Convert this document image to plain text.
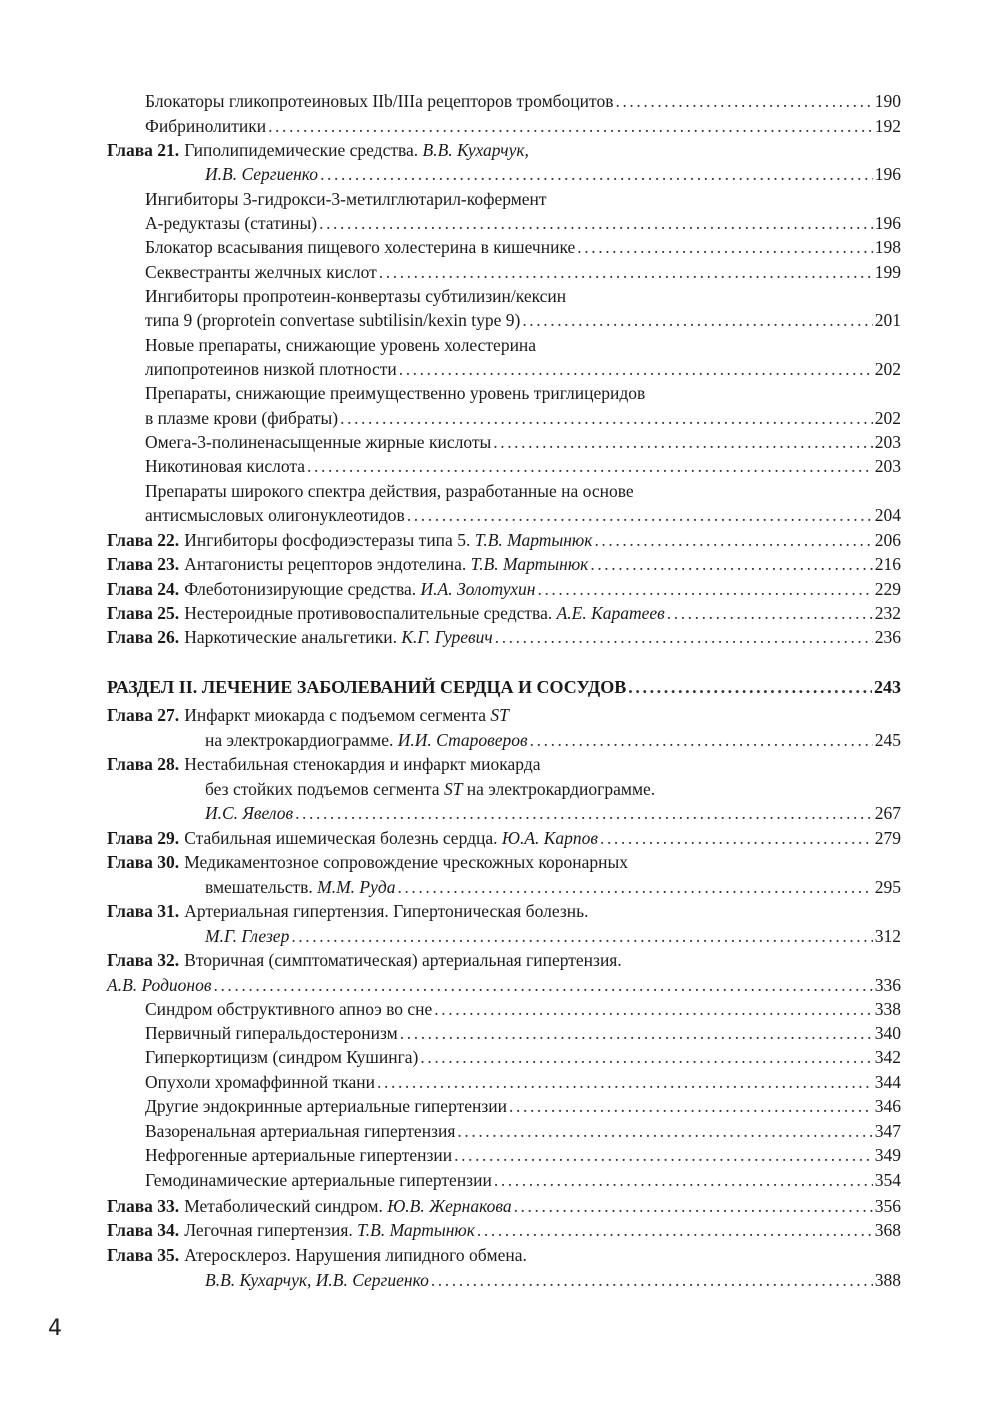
Блокаторы гликопротеиновых IIb/IIIa рецепторов тромбоцитов .....	190
Фибринолитики .....	192
Глава 21. Гиполипидемические средства. В.В. Кухарчук,
И.В. Сергиенко .....	196
Ингибиторы 3-гидрокси-3-метилглютарил-кофермент
А-редуктазы (статины) .....	196
Блокатор всасывания пищевого холестерина в кишечнике .....	198
Секвестранты желчных кислот .....	199
Ингибиторы пропротеин-конвертазы субтилизин/кексин
типа 9 (proprotein convertase subtilisin/kexin type 9) .....	201
Новые препараты, снижающие уровень холестерина
липопротеинов низкой плотности .....	202
Препараты, снижающие преимущественно уровень триглицеридов
в плазме крови (фибраты) .....	202
Омега-3-полиненасыщенные жирные кислоты .....	203
Никотиновая кислота .....	203
Препараты широкого спектра действия, разработанные на основе
антисмысловых олигонуклеотидов .....	204
Глава 22. Ингибиторы фосфодиэстеразы типа 5. Т.В. Мартынюк .....	206
Глава 23. Антагонисты рецепторов эндотелина. Т.В. Мартынюк .....	216
Глава 24. Флеботонизирующие средства. И.А. Золотухин .....	229
Глава 25. Нестероидные противовоспалительные средства. А.Е. Каратеев .....	232
Глава 26. Наркотические анальгетики. К.Г. Гуревич .....	236
РАЗДЕЛ II. ЛЕЧЕНИЕ ЗАБОЛЕВАНИЙ СЕРДЦА И СОСУДОВ .....	243
Глава 27. Инфаркт миокарда с подъемом сегмента ST
на электрокардиограмме. И.И. Староверов .....	245
Глава 28. Нестабильная стенокардия и инфаркт миокарда
без стойких подъемов сегмента ST на электрокардиограмме.
И.С. Явелов .....	267
Глава 29. Стабильная ишемическая болезнь сердца. Ю.А. Карпов .....	279
Глава 30. Медикаментозное сопровождение чрескожных коронарных
вмешательств. М.М. Руда .....	295
Глава 31. Артериальная гипертензия. Гипертоническая болезнь.
М.Г. Глезер .....	312
Глава 32. Вторичная (симптоматическая) артериальная гипертензия.
А.В. Родионов .....	336
Синдром обструктивного апноэ во сне .....	338
Первичный гиперальдостеронизм .....	340
Гиперкортицизм (синдром Кушинга) .....	342
Опухоли хромаффинной ткани .....	344
Другие эндокринные артериальные гипертензии .....	346
Вазоренальная артериальная гипертензия .....	347
Нефрогенные артериальные гипертензии .....	349
Гемодинамические артериальные гипертензии .....	354
Глава 33. Метаболический синдром. Ю.В. Жернакова .....	356
Глава 34. Легочная гипертензия. Т.В. Мартынюк .....	368
Глава 35. Атеросклероз. Нарушения липидного обмена.
В.В. Кухарчук, И.В. Сергиенко .....	388
4
